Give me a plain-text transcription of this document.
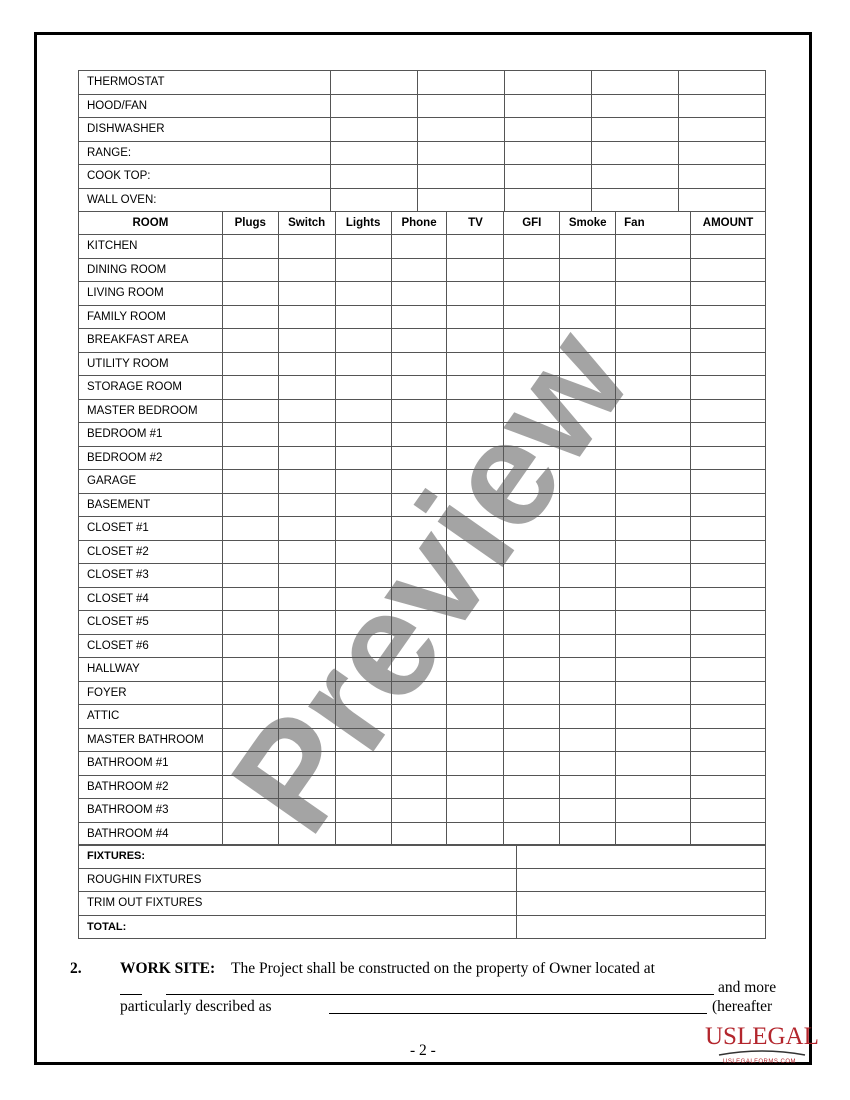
THERMOSTAT					
HOOD/FAN					
DISHWASHER					
RANGE:					
COOK TOP:					
WALL OVEN:					
ROOM	Plugs	Switch	Lights	Phone	TV	GFI	Smoke	Fan	AMOUNT
KITCHEN									
DINING ROOM									
LIVING ROOM									
FAMILY ROOM									
BREAKFAST AREA									
UTILITY ROOM									
STORAGE ROOM									
MASTER BEDROOM									
BEDROOM #1									
BEDROOM #2									
GARAGE									
BASEMENT									
CLOSET #1									
CLOSET #2									
CLOSET #3									
CLOSET #4									
CLOSET #5									
CLOSET #6									
HALLWAY									
FOYER									
ATTIC									
MASTER BATHROOM									
BATHROOM #1									
BATHROOM #2									
BATHROOM #3									
BATHROOM #4									
FIXTURES:	
ROUGHIN FIXTURES	
TRIM OUT FIXTURES	
TOTAL:	
2. WORK SITE: The Project shall be constructed on the property of Owner located at
and more
particularly described as	(hereafter
- 2 -
Preview
USLEGAL
USLEGALFORMS.COM
